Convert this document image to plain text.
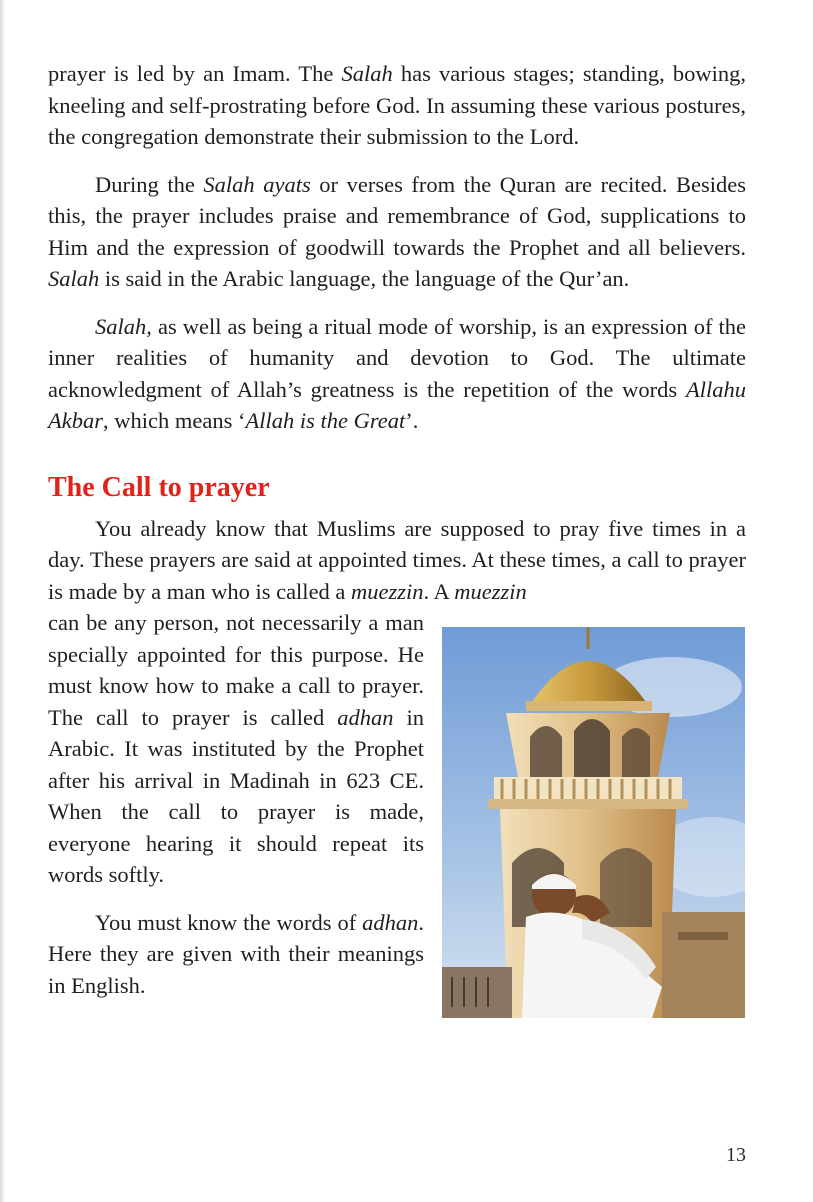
prayer is led by an Imam. The Salah has various stages; standing, bowing, kneeling and self-prostrating before God. In assuming these various postures, the congregation demonstrate their submission to the Lord.

During the Salah ayats or verses from the Quran are recited. Besides this, the prayer includes praise and remembrance of God, supplications to Him and the expression of goodwill towards the Prophet and all believers. Salah is said in the Arabic language, the language of the Qur’an.

Salah, as well as being a ritual mode of worship, is an expression of the inner realities of humanity and devotion to God. The ultimate acknowledgment of Allah’s greatness is the repetition of the words Allahu Akbar, which means ‘Allah is the Great’.

The Call to prayer

You already know that Muslims are supposed to pray five times in a day. These prayers are said at appointed times. At these times, a call to prayer is made by a man who is called a muezzin. A muezzin

can be any person, not necessarily a man specially appointed for this purpose. He must know how to make a call to prayer. The call to prayer is called adhan in Arabic. It was instituted by the Prophet after his arrival in Madinah in 623 CE. When the call to prayer is made, everyone hearing it should repeat its words softly.

You must know the words of adhan. Here they are given with their meanings in English.

13
